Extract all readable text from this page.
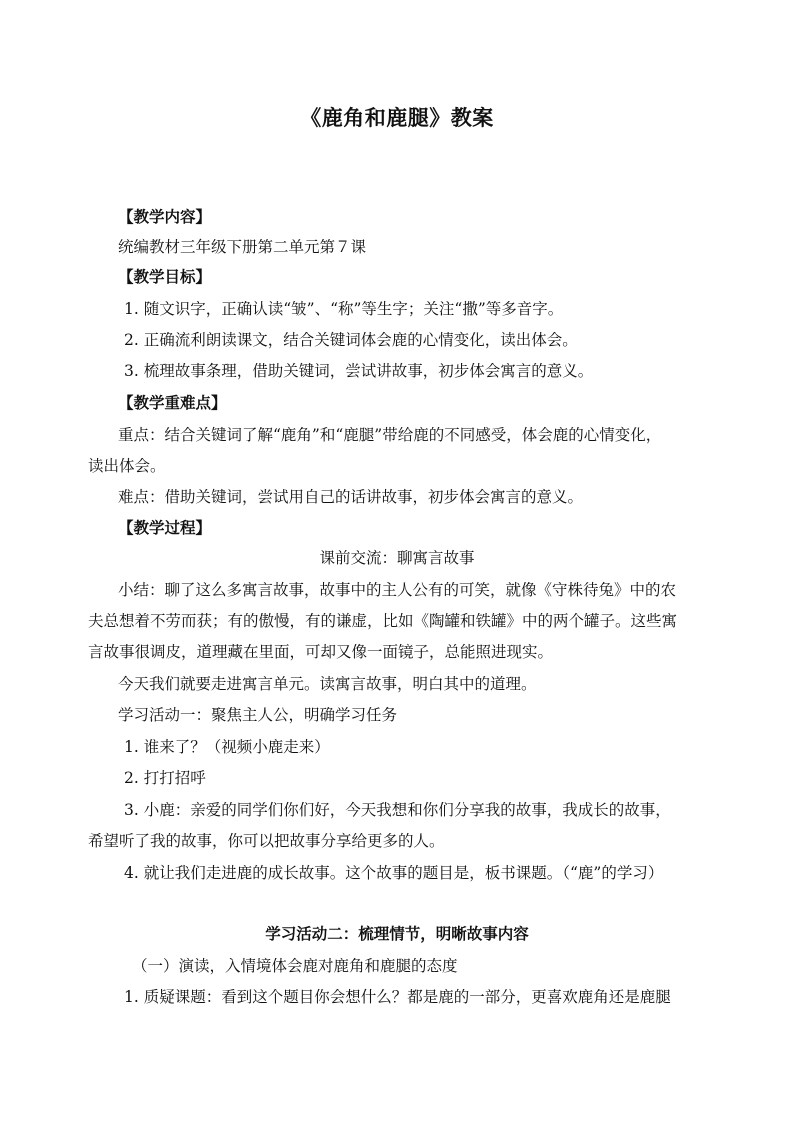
《鹿角和鹿腿》教案
【教学内容】
统编教材三年级下册第二单元第７课
【教学目标】
1. 随文识字，正确认读“皱”、“称”等生字；关注“撒”等多音字。
2. 正确流利朗读课文，结合关键词体会鹿的心情变化，读出体会。
3. 梳理故事条理，借助关键词，尝试讲故事，初步体会寓言的意义。
【教学重难点】
重点：结合关键词了解“鹿角”和“鹿腿”带给鹿的不同感受，体会鹿的心情变化，
读出体会。
难点：借助关键词，尝试用自己的话讲故事，初步体会寓言的意义。
【教学过程】
课前交流：聊寓言故事
小结：聊了这么多寓言故事，故事中的主人公有的可笑，就像《守株待兔》中的农
夫总想着不劳而获；有的傲慢，有的谦虚，比如《陶罐和铁罐》中的两个罐子。这些寓
言故事很调皮，道理藏在里面，可却又像一面镜子，总能照进现实。
今天我们就要走进寓言单元。读寓言故事，明白其中的道理。
学习活动一：聚焦主人公，明确学习任务
1. 谁来了？（视频小鹿走来）
2. 打打招呼
3. 小鹿：亲爱的同学们你们好，今天我想和你们分享我的故事，我成长的故事，
希望听了我的故事，你可以把故事分享给更多的人。
4. 就让我们走进鹿的成长故事。这个故事的题目是，板书课题。（“鹿”的学习）
学习活动二：梳理情节，明晰故事内容
（一）演读，入情境体会鹿对鹿角和鹿腿的态度
1. 质疑课题：看到这个题目你会想什么？都是鹿的一部分，更喜欢鹿角还是鹿腿
